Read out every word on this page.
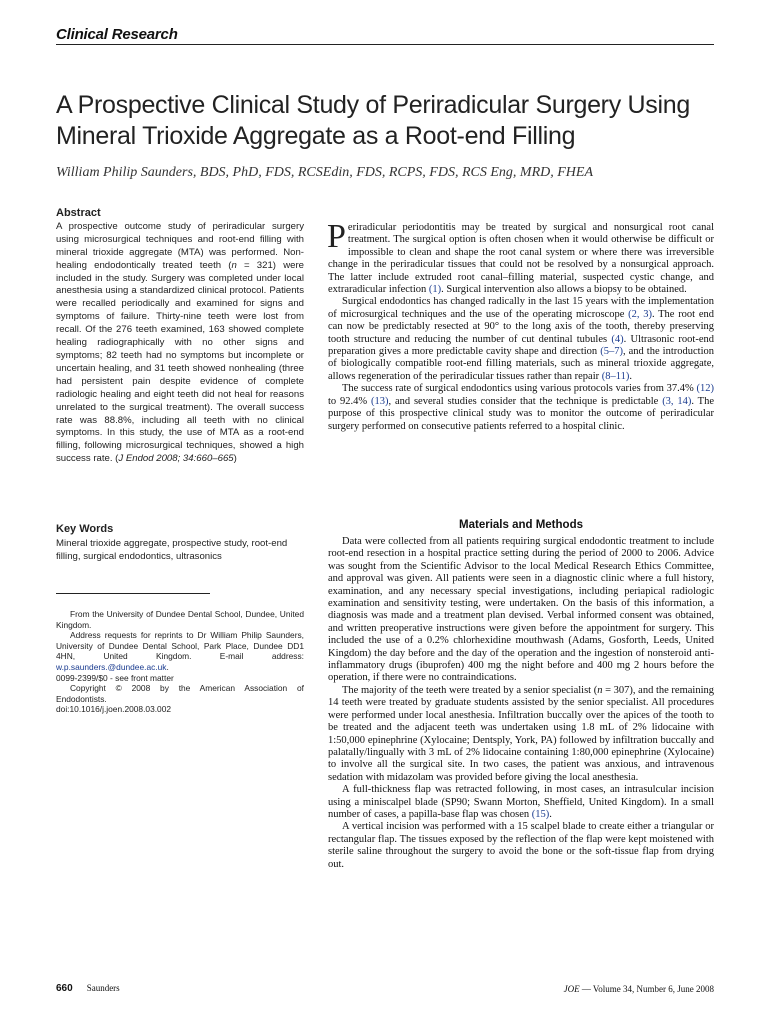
Clinical Research
A Prospective Clinical Study of Periradicular Surgery Using Mineral Trioxide Aggregate as a Root-end Filling
William Philip Saunders, BDS, PhD, FDS, RCSEdin, FDS, RCPS, FDS, RCS Eng, MRD, FHEA
Abstract

A prospective outcome study of periradicular surgery using microsurgical techniques and root-end filling with mineral trioxide aggregate (MTA) was performed. Non-healing endodontically treated teeth (n = 321) were included in the study. Surgery was completed under local anesthesia using a standardized clinical protocol. Patients were recalled periodically and examined for signs and symptoms of failure. Thirty-nine teeth were lost from recall. Of the 276 teeth examined, 163 showed complete healing radiographically with no other signs and symptoms; 82 teeth had no symptoms but incomplete or uncertain healing, and 31 teeth showed nonhealing (three had persistent pain despite evidence of complete radiologic healing and eight teeth did not heal for reasons unrelated to the surgical treatment). The overall success rate was 88.8%, including all teeth with no clinical symptoms. In this study, the use of MTA as a root-end filling, following microsurgical techniques, showed a high success rate. (J Endod 2008; 34:660–665)

Key Words

Mineral trioxide aggregate, prospective study, root-end filling, surgical endodontics, ultrasonics

From the University of Dundee Dental School, Dundee, United Kingdom.

Address requests for reprints to Dr William Philip Saunders, University of Dundee Dental School, Park Place, Dundee DD1 4HN, United Kingdom. E-mail address: w.p.saunders.@dundee.ac.uk.

0099-2399/$0 - see front matter

Copyright © 2008 by the American Association of Endodontists.

doi:10.1016/j.joen.2008.03.002

Periradicular periodontitis may be treated by surgical and nonsurgical root canal treatment. The surgical option is often chosen when it would otherwise be difficult or impossible to clean and shape the root canal system or where there was irreversible change in the periradicular tissues that could not be resolved by a nonsurgical approach. The latter include extruded root canal–filling material, suspected cystic change, and extraradicular infection (1). Surgical intervention also allows a biopsy to be obtained.

Surgical endodontics has changed radically in the last 15 years with the implementation of microsurgical techniques and the use of the operating microscope (2, 3). The root end can now be predictably resected at 90° to the long axis of the tooth, thereby preserving tooth structure and reducing the number of cut dentinal tubules (4). Ultrasonic root-end preparation gives a more predictable cavity shape and direction (5–7), and the introduction of biologically compatible root-end filling materials, such as mineral trioxide aggregate, allows regeneration of the periradicular tissues rather than repair (8–11).

The success rate of surgical endodontics using various protocols varies from 37.4% (12) to 92.4% (13), and several studies consider that the technique is predictable (3, 14). The purpose of this prospective clinical study was to monitor the outcome of periradicular surgery performed on consecutive patients referred to a hospital clinic.

Materials and Methods

Data were collected from all patients requiring surgical endodontic treatment to include root-end resection in a hospital practice setting during the period of 2000 to 2006. Advice was sought from the Scientific Advisor to the local Medical Research Ethics Committee, and approval was given. All patients were seen in a diagnostic clinic where a full history, examination, and any necessary special investigations, including periapical radiologic examination and sensitivity testing, were undertaken. On the basis of this information, a diagnosis was made and a treatment plan devised. Verbal informed consent was obtained, and written preoperative instructions were given before the appointment for surgery. This included the use of a 0.2% chlorhexidine mouthwash (Adams, Gosforth, Leeds, United Kingdom) the day before and the day of the operation and the ingestion of nonsteroid anti-inflammatory drugs (ibuprofen) 400 mg the night before and 400 mg 2 hours before the operation, if there were no contraindications.

The majority of the teeth were treated by a senior specialist (n = 307), and the remaining 14 teeth were treated by graduate students assisted by the senior specialist. All procedures were performed under local anesthesia. Infiltration buccally over the apices of the tooth to be treated and the adjacent teeth was undertaken using 1.8 mL of 2% lidocaine with 1:50,000 epinephrine (Xylocaine; Dentsply, York, PA) followed by infiltration buccally and palatally/lingually with 3 mL of 2% lidocaine containing 1:80,000 epinephrine (Xylocaine) to involve all the surgical site. In two cases, the patient was anxious, and intravenous sedation with midazolam was provided before giving the local anesthesia.

A full-thickness flap was retracted following, in most cases, an intrasulcular incision using a miniscalpel blade (SP90; Swann Morton, Sheffield, United Kingdom). In a small number of cases, a papilla-base flap was chosen (15).

A vertical incision was performed with a 15 scalpel blade to create either a triangular or rectangular flap. The tissues exposed by the reflection of the flap were kept moistened with sterile saline throughout the surgery to avoid the bone or the soft-tissue flap from drying out.

660 Saunders	JOE — Volume 34, Number 6, June 2008
